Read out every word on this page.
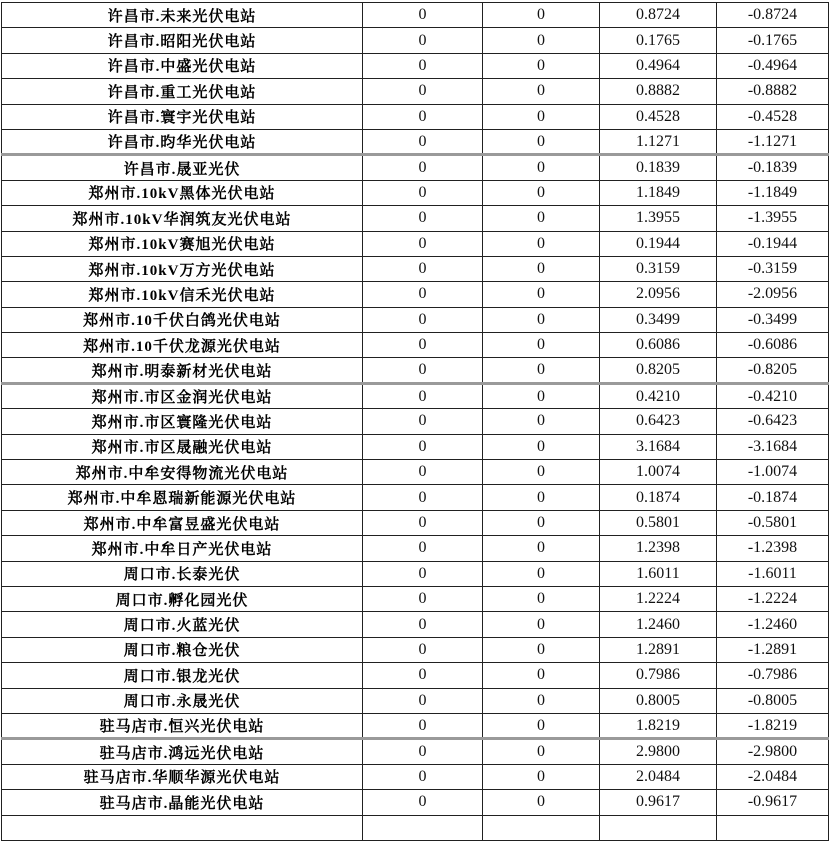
许昌市.未来光伏电站	0	0	0.8724	-0.8724
许昌市.昭阳光伏电站	0	0	0.1765	-0.1765
许昌市.中盛光伏电站	0	0	0.4964	-0.4964
许昌市.重工光伏电站	0	0	0.8882	-0.8882
许昌市.寰宇光伏电站	0	0	0.4528	-0.4528
许昌市.昀华光伏电站	0	0	1.1271	-1.1271
许昌市.晟亚光伏	0	0	0.1839	-0.1839
郑州市.10kV黑体光伏电站	0	0	1.1849	-1.1849
郑州市.10kV华润筑友光伏电站	0	0	1.3955	-1.3955
郑州市.10kV赛旭光伏电站	0	0	0.1944	-0.1944
郑州市.10kV万方光伏电站	0	0	0.3159	-0.3159
郑州市.10kV信禾光伏电站	0	0	2.0956	-2.0956
郑州市.10千伏白鸽光伏电站	0	0	0.3499	-0.3499
郑州市.10千伏龙源光伏电站	0	0	0.6086	-0.6086
郑州市.明泰新材光伏电站	0	0	0.8205	-0.8205
郑州市.市区金润光伏电站	0	0	0.4210	-0.4210
郑州市.市区寰隆光伏电站	0	0	0.6423	-0.6423
郑州市.市区晟融光伏电站	0	0	3.1684	-3.1684
郑州市.中牟安得物流光伏电站	0	0	1.0074	-1.0074
郑州市.中牟恩瑞新能源光伏电站	0	0	0.1874	-0.1874
郑州市.中牟富昱盛光伏电站	0	0	0.5801	-0.5801
郑州市.中牟日产光伏电站	0	0	1.2398	-1.2398
周口市.长泰光伏	0	0	1.6011	-1.6011
周口市.孵化园光伏	0	0	1.2224	-1.2224
周口市.火蓝光伏	0	0	1.2460	-1.2460
周口市.粮仓光伏	0	0	1.2891	-1.2891
周口市.银龙光伏	0	0	0.7986	-0.7986
周口市.永晟光伏	0	0	0.8005	-0.8005
驻马店市.恒兴光伏电站	0	0	1.8219	-1.8219
驻马店市.鸿远光伏电站	0	0	2.9800	-2.9800
驻马店市.华顺华源光伏电站	0	0	2.0484	-2.0484
驻马店市.晶能光伏电站	0	0	0.9617	-0.9617
